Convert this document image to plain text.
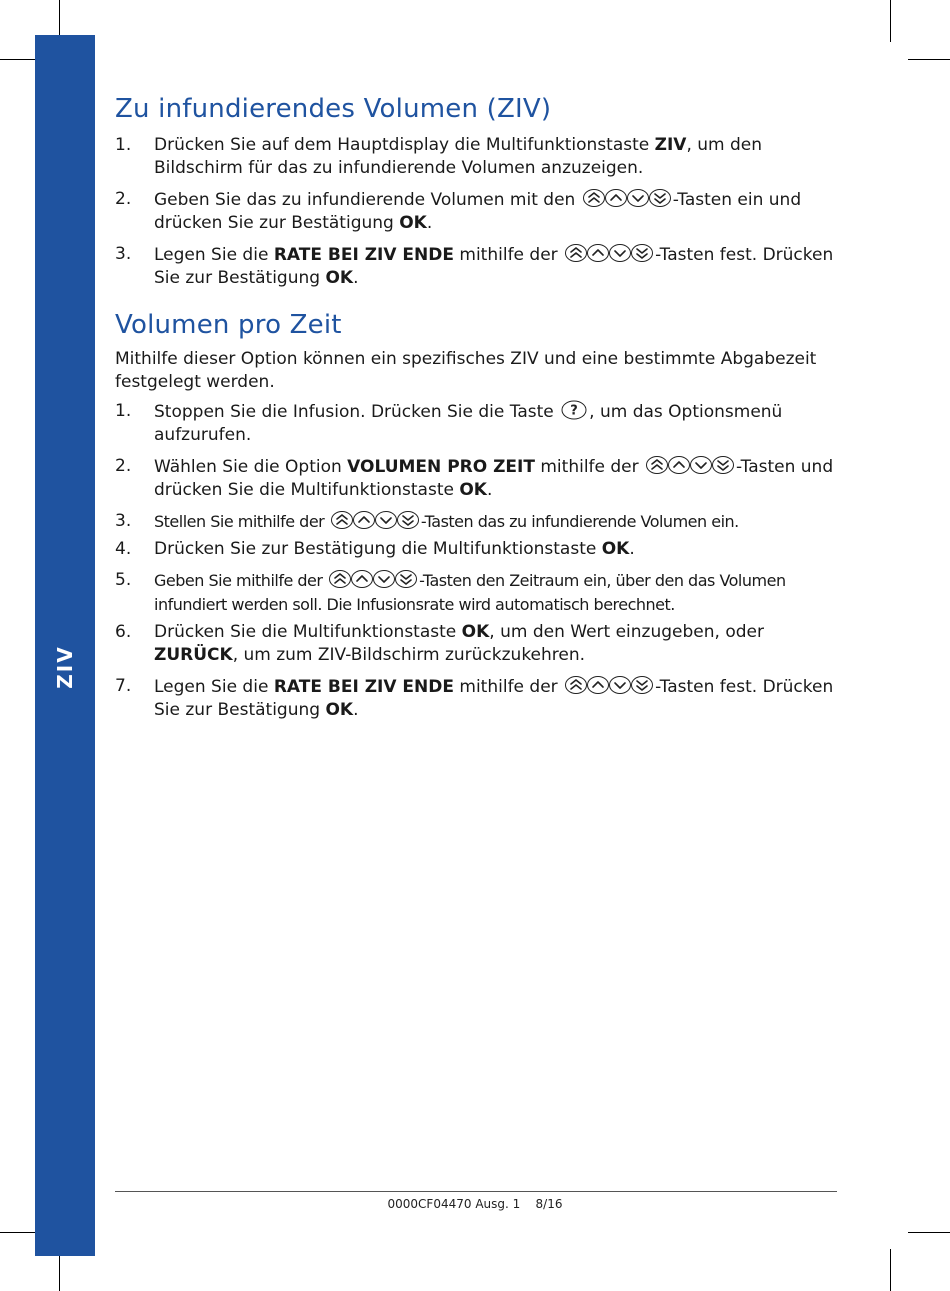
ZIV
Zu infundierendes Volumen (ZIV)
1. Drücken Sie auf dem Hauptdisplay die Multifunktionstaste ZIV, um den Bildschirm für das zu infundierende Volumen anzuzeigen.
2. Geben Sie das zu infundierende Volumen mit den	-Tasten ein und drücken Sie zur Bestätigung OK.
3. Legen Sie die RATE BEI ZIV ENDE mithilfe der	-Tasten fest. Drücken Sie zur Bestätigung OK.
Volumen pro Zeit
Mithilfe dieser Option können ein spezifisches ZIV und eine bestimmte Abgabezeit festgelegt werden.
1. Stoppen Sie die Infusion. Drücken Sie die Taste ? , um das Optionsmenü aufzurufen.
2. Wählen Sie die Option VOLUMEN PRO ZEIT mithilfe der	-Tasten und drücken Sie die Multifunktionstaste OK.
3. Stellen Sie mithilfe der	-Tasten das zu infundierende Volumen ein.
4. Drücken Sie zur Bestätigung die Multifunktionstaste OK.
5. Geben Sie mithilfe der	-Tasten den Zeitraum ein, über den das Volumen infundiert werden soll. Die Infusionsrate wird automatisch berechnet.
6. Drücken Sie die Multifunktionstaste OK, um den Wert einzugeben, oder ZURÜCK, um zum ZIV-Bildschirm zurückzukehren.
7. Legen Sie die RATE BEI ZIV ENDE mithilfe der	-Tasten fest. Drücken Sie zur Bestätigung OK.
0000CF04470 Ausg. 1    8/16
